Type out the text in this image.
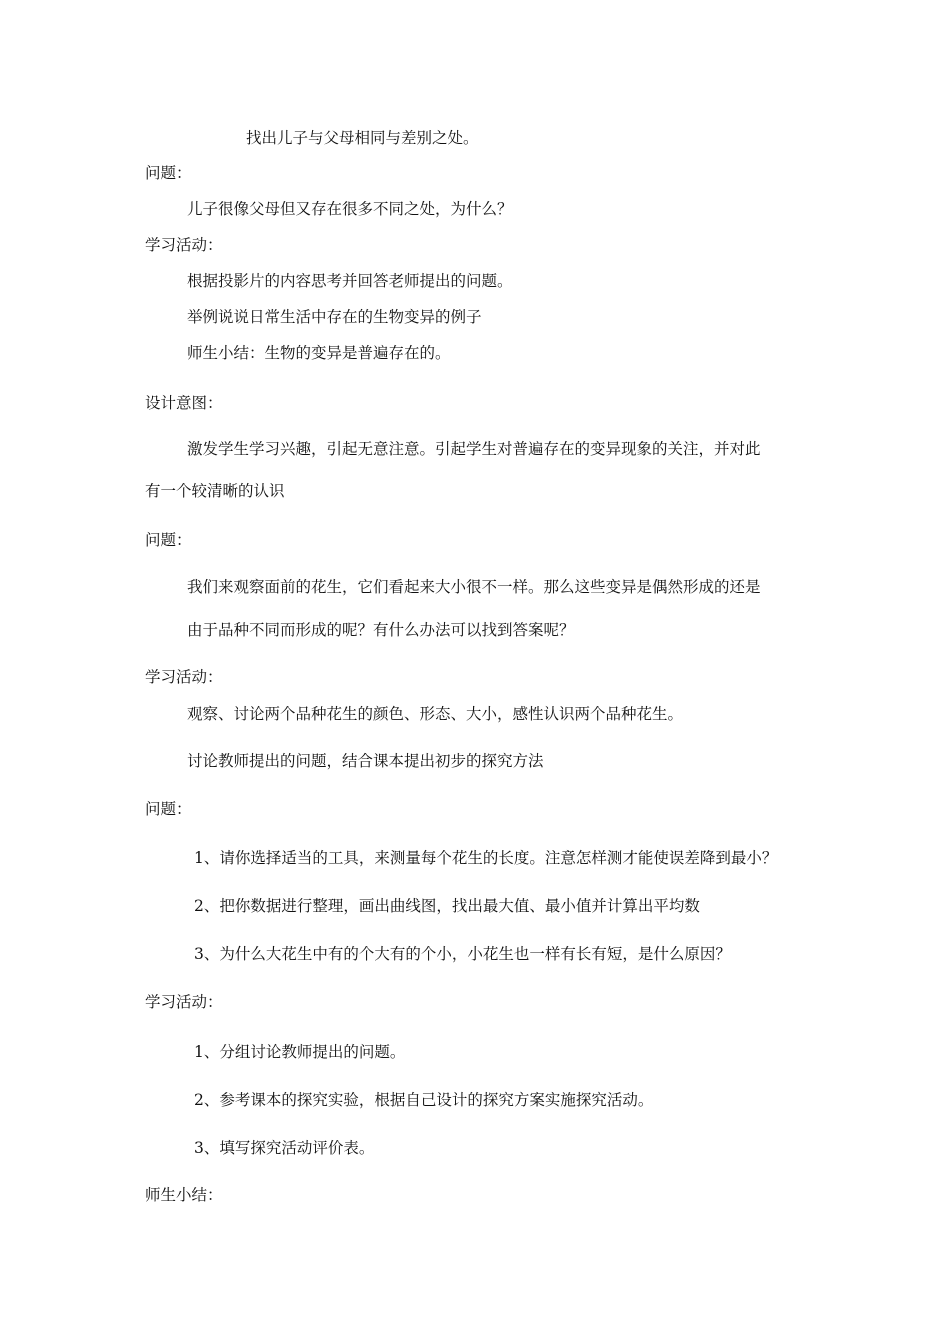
找出儿子与父母相同与差别之处。
问题：
儿子很像父母但又存在很多不同之处，为什么？
学习活动：
根据投影片的内容思考并回答老师提出的问题。
举例说说日常生活中存在的生物变异的例子
师生小结：生物的变异是普遍存在的。
设计意图：
激发学生学习兴趣，引起无意注意。引起学生对普遍存在的变异现象的关注，并对此
有一个较清晰的认识
问题：
我们来观察面前的花生，它们看起来大小很不一样。那么这些变异是偶然形成的还是
由于品种不同而形成的呢？有什么办法可以找到答案呢？
学习活动：
观察、讨论两个品种花生的颜色、形态、大小，感性认识两个品种花生。
讨论教师提出的问题，结合课本提出初步的探究方法
问题：
1、请你选择适当的工具，来测量每个花生的长度。注意怎样测才能使误差降到最小？
2、把你数据进行整理，画出曲线图，找出最大值、最小值并计算出平均数
3、为什么大花生中有的个大有的个小，小花生也一样有长有短，是什么原因？
学习活动：
1、分组讨论教师提出的问题。
2、参考课本的探究实验，根据自己设计的探究方案实施探究活动。
3、填写探究活动评价表。
师生小结：
